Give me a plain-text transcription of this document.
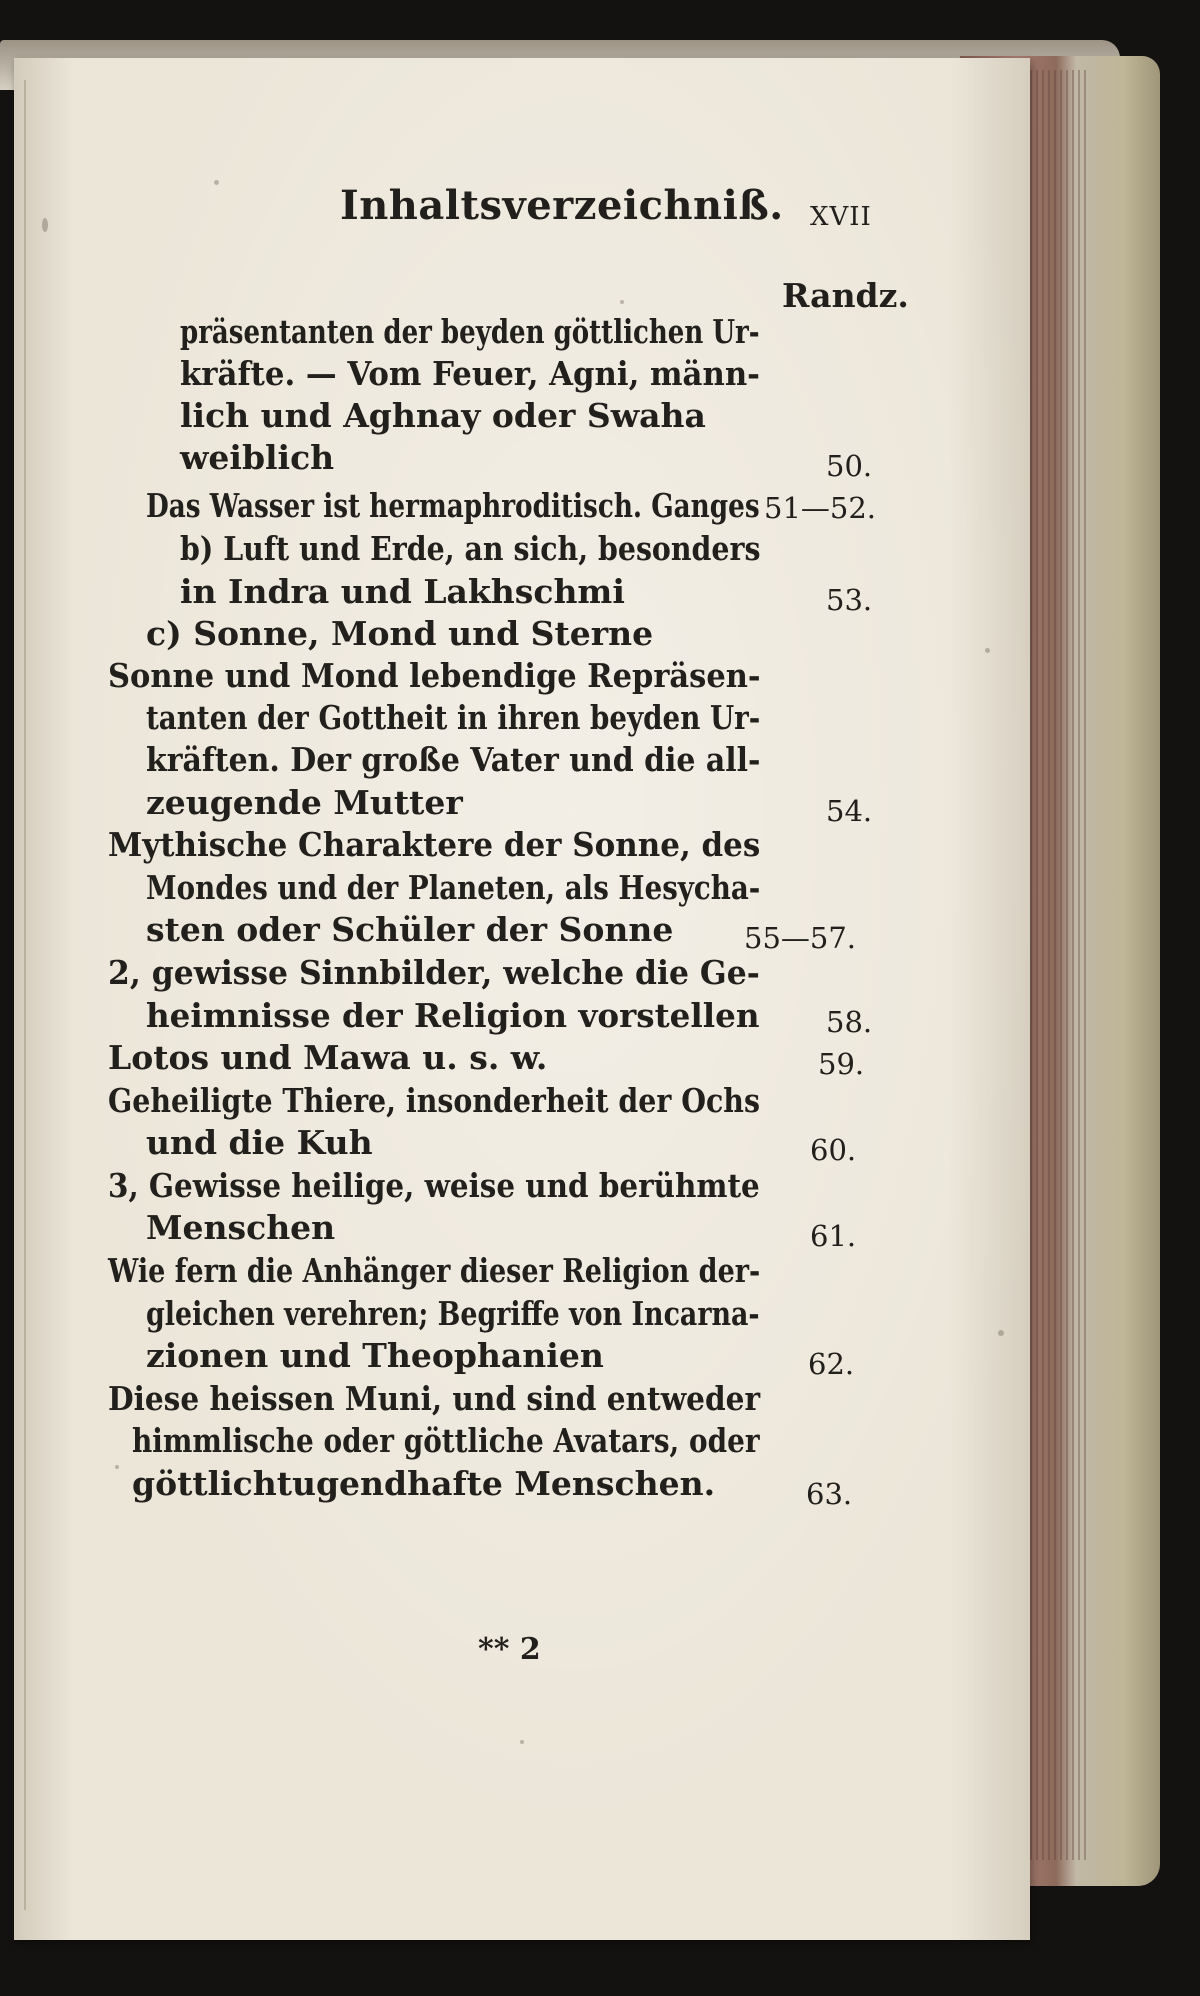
Inhaltsverzeichniß. XVII
Randz.
präsentanten der beyden göttlichen Ur-
kräfte. — Vom Feuer, Agni, männ-
lich und Aghnay oder Swaha
weiblich	50.
Das Wasser ist hermaphroditisch. Ganges 51—52.
b) Luft und Erde, an sich, besonders
in Indra und Lakhschmi	53.
c) Sonne, Mond und Sterne
Sonne und Mond lebendige Repräsen-
tanten der Gottheit in ihren beyden Ur-
kräften. Der große Vater und die all-
zeugende Mutter	54.
Mythische Charaktere der Sonne, des
Mondes und der Planeten, als Hesycha-
sten oder Schüler der Sonne 55—57.
2, gewisse Sinnbilder, welche die Ge-
heimnisse der Religion vorstellen 58.
Lotos und Mawa u. s. w.	59.
Geheiligte Thiere, insonderheit der Ochs
und die Kuh	60.
3, Gewisse heilige, weise und berühmte
Menschen	61.
Wie fern die Anhänger dieser Religion der-
gleichen verehren; Begriffe von Incarna-
zionen und Theophanien	62.
Diese heissen Muni, und sind entweder
himmlische oder göttliche Avatars, oder
göttlichtugendhafte Menschen.	63.
** 2
